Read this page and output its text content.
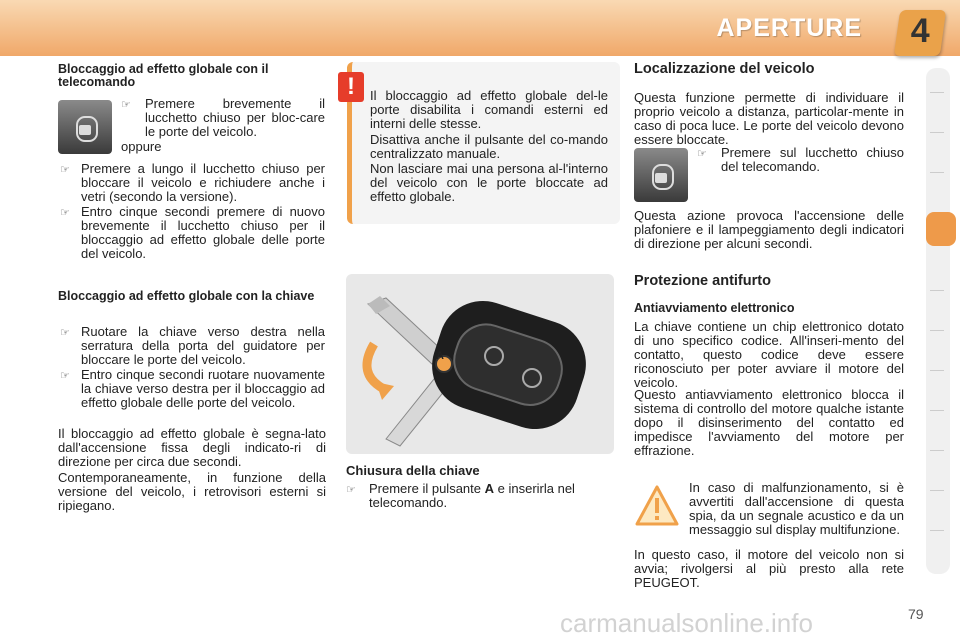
APERTURE	4
Bloccaggio ad effetto globale con il telecomando
☞ Premere brevemente il lucchetto chiuso per bloc-care le porte del veicolo.
oppure
☞ Premere a lungo il lucchetto chiuso per bloccare il veicolo e richiudere anche i vetri (secondo la versione).
☞ Entro cinque secondi premere di nuovo brevemente il lucchetto chiuso per il bloccaggio ad effetto globale delle porte del veicolo.
Bloccaggio ad effetto globale con la chiave
☞ Ruotare la chiave verso destra nella serratura della porta del guidatore per bloccare le porte del veicolo.
☞ Entro cinque secondi ruotare nuovamente la chiave verso destra per il bloccaggio ad effetto globale delle porte del veicolo.
Il bloccaggio ad effetto globale è segna-lato dall'accensione fissa degli indicato-ri di direzione per circa due secondi.
Contemporaneamente, in funzione della versione del veicolo, i retrovisori esterni si ripiegano.
!	Il bloccaggio ad effetto globale del-le porte disabilita i comandi esterni ed interni delle stesse.
Disattiva anche il pulsante del co-mando centralizzato manuale.
Non lasciare mai una persona al-l'interno del veicolo con le porte bloccate ad effetto globale.
A
Chiusura della chiave
☞ Premere il pulsante A e inserirla nel telecomando.
Localizzazione del veicolo
Questa funzione permette di individuare il proprio veicolo a distanza, particolar-mente in caso di poca luce. Le porte del veicolo devono essere bloccate.
☞ Premere sul lucchetto chiuso del telecomando.
Questa azione provoca l'accensione delle plafoniere e il lampeggiamento degli indicatori di direzione per alcuni secondi.
Protezione antifurto
Antiavviamento elettronico
La chiave contiene un chip elettronico dotato di uno specifico codice. All'inseri-mento del contatto, questo codice deve essere riconosciuto per poter avviare il motore del veicolo.
Questo antiavviamento elettronico blocca il sistema di controllo del motore qualche istante dopo il disinserimento del contatto ed impedisce l'avviamento del motore per effrazione.
In caso di malfunzionamento, si è avvertiti dall'accensione di questa spia, da un segnale acustico e da un messaggio sul display multifunzione.
In questo caso, il motore del veicolo non si avvia; rivolgersi al più presto alla rete PEUGEOT.
carmanualsonline.info	79
